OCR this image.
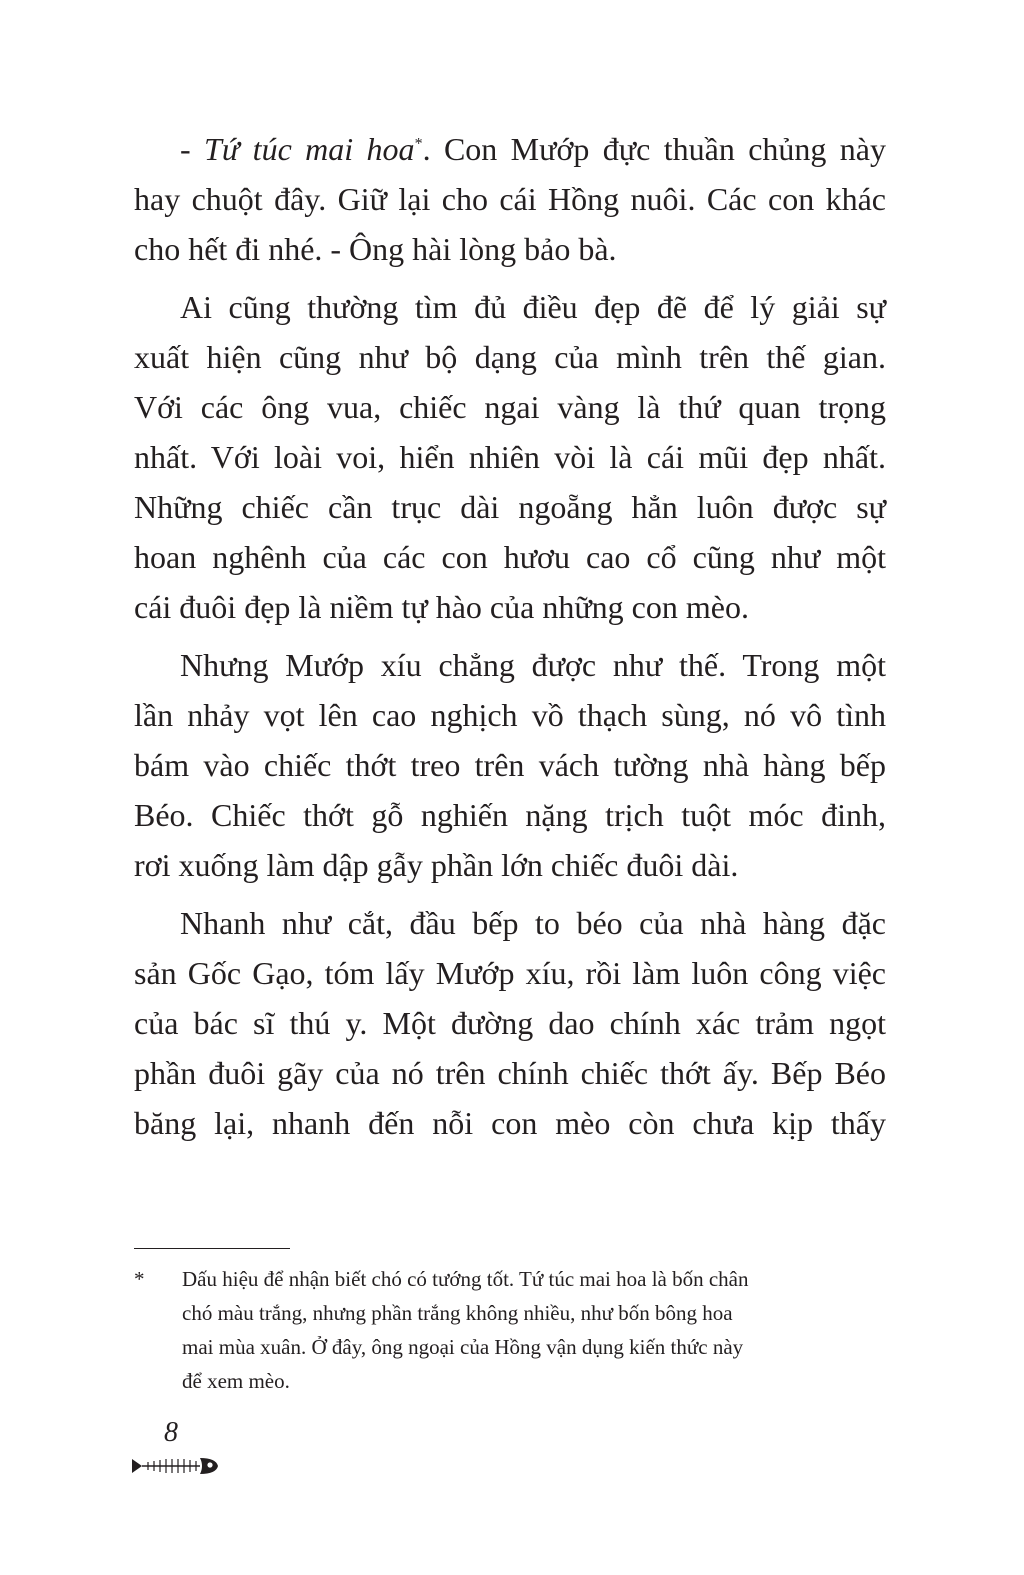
- Tứ túc mai hoa*. Con Mướp đực thuần chủng này
hay chuột đây. Giữ lại cho cái Hồng nuôi. Các con khác
cho hết đi nhé. - Ông hài lòng bảo bà.
Ai cũng thường tìm đủ điều đẹp đẽ để lý giải sự
xuất hiện cũng như bộ dạng của mình trên thế gian.
Với các ông vua, chiếc ngai vàng là thứ quan trọng
nhất. Với loài voi, hiển nhiên vòi là cái mũi đẹp nhất.
Những chiếc cần trục dài ngoẵng hẳn luôn được sự
hoan nghênh của các con hươu cao cổ cũng như một
cái đuôi đẹp là niềm tự hào của những con mèo.
Nhưng Mướp xíu chẳng được như thế. Trong một
lần nhảy vọt lên cao nghịch vồ thạch sùng, nó vô tình
bám vào chiếc thớt treo trên vách tường nhà hàng bếp
Béo. Chiếc thớt gỗ nghiến nặng trịch tuột móc đinh,
rơi xuống làm dập gẫy phần lớn chiếc đuôi dài.
Nhanh như cắt, đầu bếp to béo của nhà hàng đặc
sản Gốc Gạo, tóm lấy Mướp xíu, rồi làm luôn công việc
của bác sĩ thú y. Một đường dao chính xác trảm ngọt
phần đuôi gãy của nó trên chính chiếc thớt ấy. Bếp Béo
băng lại, nhanh đến nỗi con mèo còn chưa kịp thấy
* Dấu hiệu để nhận biết chó có tướng tốt. Tứ túc mai hoa là bốn chân
chó màu trắng, nhưng phần trắng không nhiều, như bốn bông hoa
mai mùa xuân. Ở đây, ông ngoại của Hồng vận dụng kiến thức này
để xem mèo.
8
